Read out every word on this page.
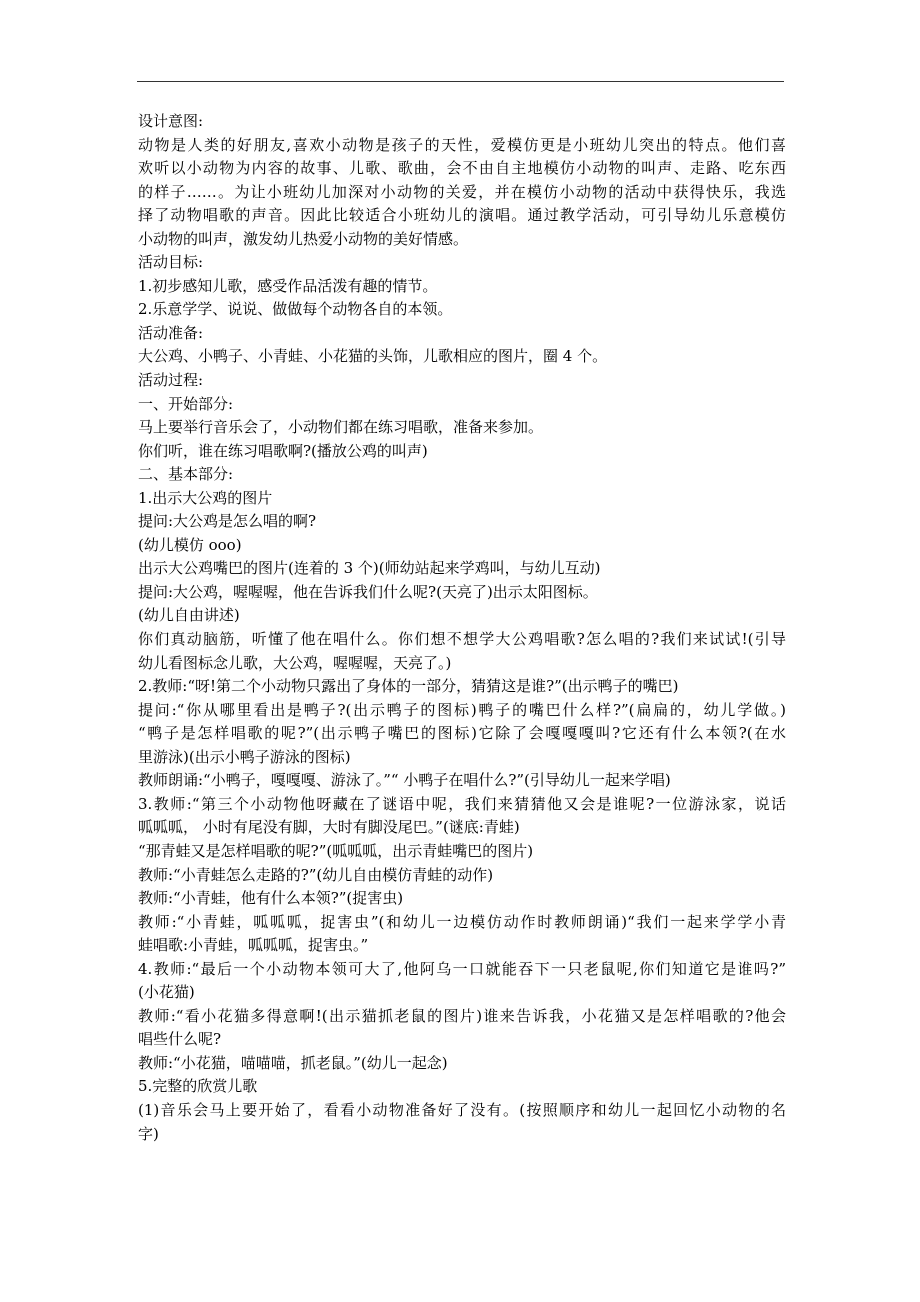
设计意图:
动物是人类的好朋友,喜欢小动物是孩子的天性，爱模仿更是小班幼儿突出的特点。他们喜
欢听以小动物为内容的故事、儿歌、歌曲，会不由自主地模仿小动物的叫声、走路、吃东西
的样子……。为让小班幼儿加深对小动物的关爱，并在模仿小动物的活动中获得快乐，我选
择了动物唱歌的声音。因此比较适合小班幼儿的演唱。通过教学活动，可引导幼儿乐意模仿
小动物的叫声，激发幼儿热爱小动物的美好情感。
活动目标:
1.初步感知儿歌，感受作品活泼有趣的情节。
2.乐意学学、说说、做做每个动物各自的本领。
活动准备:
大公鸡、小鸭子、小青蛙、小花猫的头饰，儿歌相应的图片，圈 4 个。
活动过程:
一、开始部分:
马上要举行音乐会了，小动物们都在练习唱歌，准备来参加。
你们听，谁在练习唱歌啊?(播放公鸡的叫声)
二、基本部分:
1.出示大公鸡的图片
提问:大公鸡是怎么唱的啊?
(幼儿模仿 ooo)
出示大公鸡嘴巴的图片(连着的 3 个)(师幼站起来学鸡叫，与幼儿互动)
提问:大公鸡，喔喔喔，他在告诉我们什么呢?(天亮了)出示太阳图标。
(幼儿自由讲述)
你们真动脑筋，听懂了他在唱什么。你们想不想学大公鸡唱歌?怎么唱的?我们来试试!(引导
幼儿看图标念儿歌，大公鸡，喔喔喔，天亮了。)
2.教师:“呀!第二个小动物只露出了身体的一部分，猜猜这是谁?”(出示鸭子的嘴巴)
提问:“你从哪里看出是鸭子?(出示鸭子的图标)鸭子的嘴巴什么样?”(扁扁的，幼儿学做。)
“鸭子是怎样唱歌的呢?”(出示鸭子嘴巴的图标)它除了会嘎嘎嘎叫?它还有什么本领?(在水
里游泳)(出示小鸭子游泳的图标)
教师朗诵:“小鸭子，嘎嘎嘎、游泳了。”“ 小鸭子在唱什么?”(引导幼儿一起来学唱)
3.教师:“第三个小动物他呀藏在了谜语中呢，我们来猜猜他又会是谁呢?一位游泳家，说话
呱呱呱， 小时有尾没有脚，大时有脚没尾巴。”(谜底:青蛙)
“那青蛙又是怎样唱歌的呢?”(呱呱呱，出示青蛙嘴巴的图片)
教师:“小青蛙怎么走路的?”(幼儿自由模仿青蛙的动作)
教师:“小青蛙，他有什么本领?”(捉害虫)
教师:“小青蛙，呱呱呱，捉害虫”(和幼儿一边模仿动作时教师朗诵)“我们一起来学学小青
蛙唱歌:小青蛙，呱呱呱，捉害虫。”
4.教师:“最后一个小动物本领可大了,他阿乌一口就能吞下一只老鼠呢,你们知道它是谁吗?”
(小花猫)
教师:“看小花猫多得意啊!(出示猫抓老鼠的图片)谁来告诉我，小花猫又是怎样唱歌的?他会
唱些什么呢?
教师:“小花猫，喵喵喵，抓老鼠。”(幼儿一起念)
5.完整的欣赏儿歌
(1)音乐会马上要开始了，看看小动物准备好了没有。(按照顺序和幼儿一起回忆小动物的名
字)
